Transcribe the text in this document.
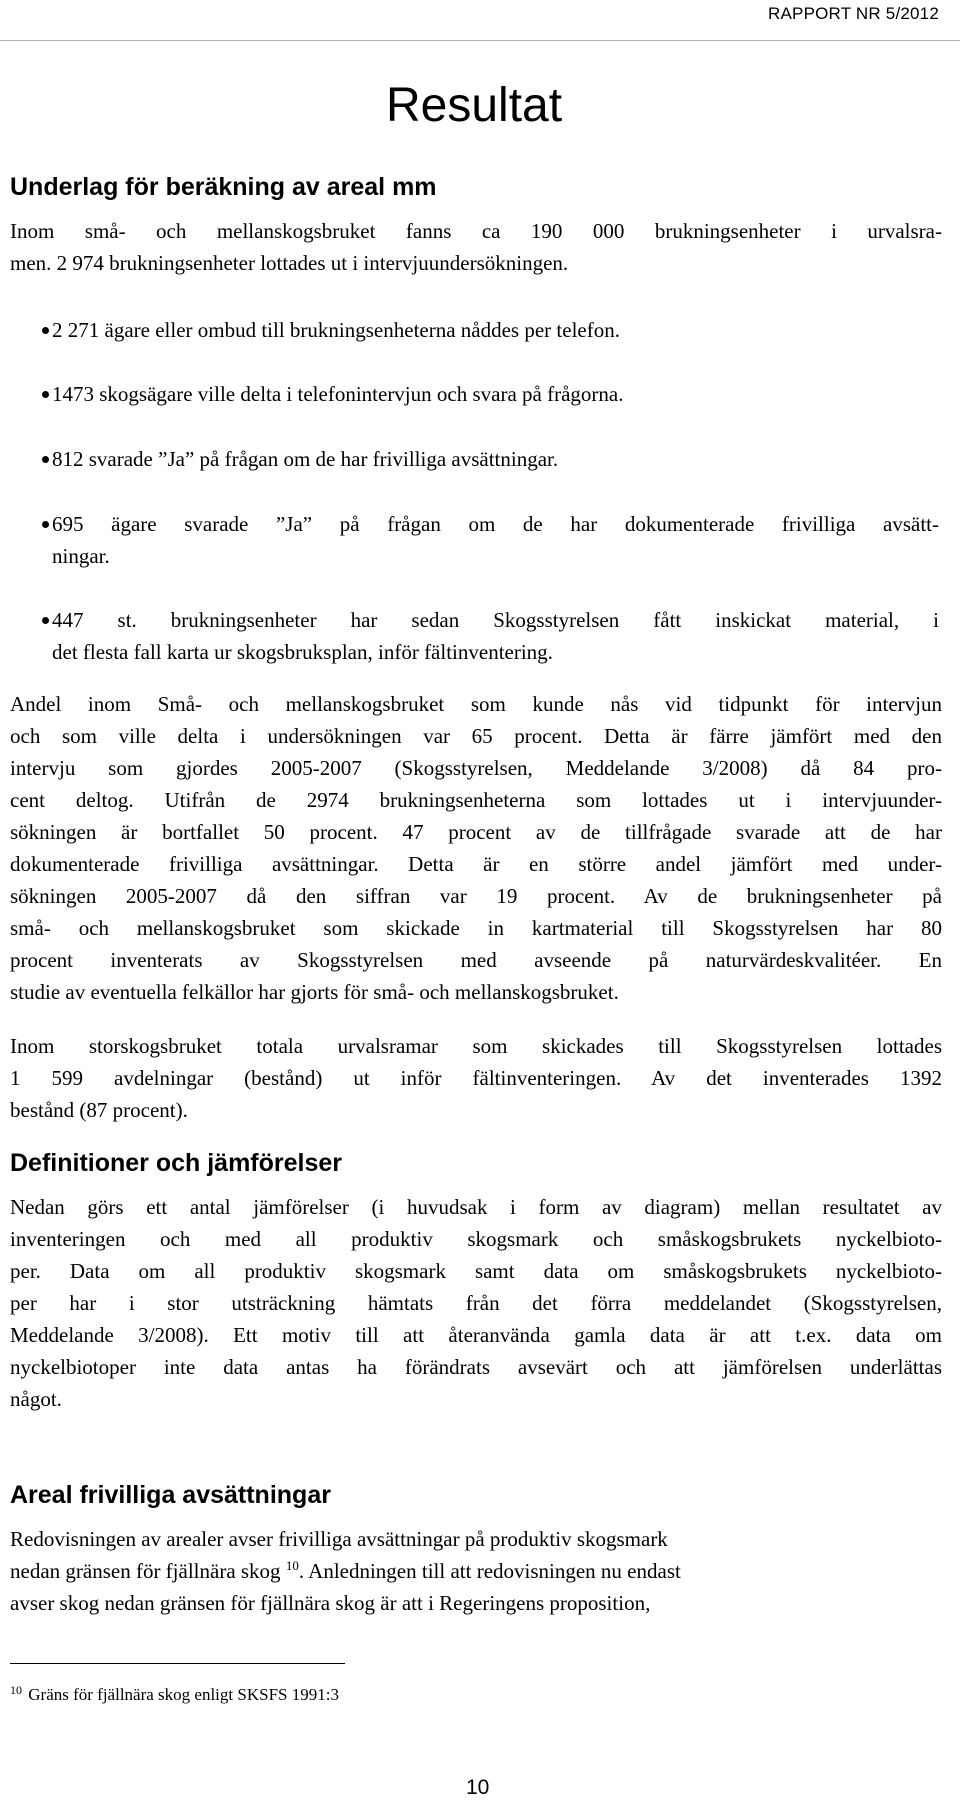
RAPPORT NR 5/2012
Resultat
Underlag för beräkning av areal mm
Inom små- och mellanskogsbruket fanns ca 190 000 brukningsenheter i urvalsra-
men. 2 974 brukningsenheter lottades ut i intervjuundersökningen.
2 271 ägare eller ombud till brukningsenheterna nåddes per telefon.
1473 skogsägare ville delta i telefonintervjun och svara på frågorna.
812 svarade ”Ja” på frågan om de har frivilliga avsättningar.
695 ägare svarade ”Ja” på frågan om de har dokumenterade frivilliga avsätt-
ningar.
447 st. brukningsenheter har sedan Skogsstyrelsen fått inskickat material, i
det flesta fall karta ur skogsbruksplan, inför fältinventering.
Andel inom Små- och mellanskogsbruket som kunde nås vid tidpunkt för intervjun
och som ville delta i undersökningen var 65 procent. Detta är färre jämfört med den
intervju som gjordes 2005-2007 (Skogsstyrelsen, Meddelande 3/2008) då 84 pro-
cent deltog. Utifrån de 2974 brukningsenheterna som lottades ut i intervjuunder-
sökningen är bortfallet 50 procent. 47 procent av de tillfrågade svarade att de har
dokumenterade frivilliga avsättningar. Detta är en större andel jämfört med under-
sökningen 2005-2007 då den siffran var 19 procent. Av de brukningsenheter på
små- och mellanskogsbruket som skickade in kartmaterial till Skogsstyrelsen har 80
procent inventerats av Skogsstyrelsen med avseende på naturvärdeskvalitéer. En
studie av eventuella felkällor har gjorts för små- och mellanskogsbruket.
Inom storskogsbruket totala urvalsramar som skickades till Skogsstyrelsen lottades
1 599 avdelningar (bestånd) ut inför fältinventeringen. Av det inventerades 1392
bestånd (87 procent).
Definitioner och jämförelser
Nedan görs ett antal jämförelser (i huvudsak i form av diagram) mellan resultatet av
inventeringen och med all produktiv skogsmark och småskogsbrukets nyckelbioto-
per. Data om all produktiv skogsmark samt data om småskogsbrukets nyckelbioto-
per har i stor utsträckning hämtats från det förra meddelandet (Skogsstyrelsen,
Meddelande 3/2008). Ett motiv till att återanvända gamla data är att t.ex. data om
nyckelbiotoper inte data antas ha förändrats avsevärt och att jämförelsen underlättas
något.
Areal frivilliga avsättningar
Redovisningen av arealer avser frivilliga avsättningar på produktiv skogsmark
nedan gränsen för fjällnära skog $^{10}$. Anledningen till att redovisningen nu endast
avser skog nedan gränsen för fjällnära skog är att i Regeringens proposition,
$^{10}$ Gräns för fjällnära skog enligt SKSFS 1991:3
10
